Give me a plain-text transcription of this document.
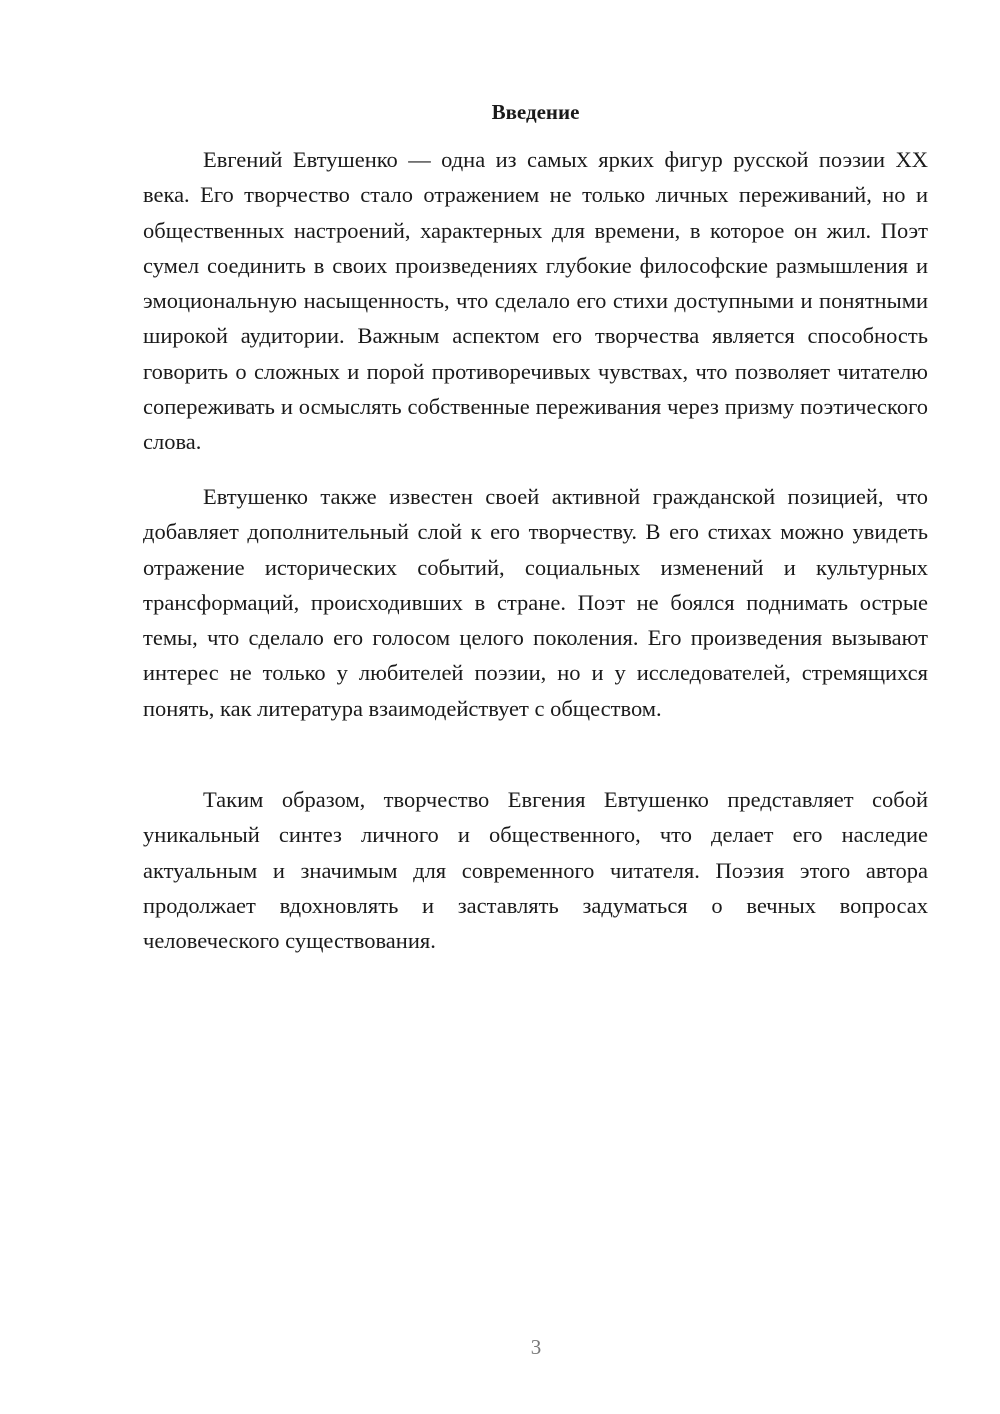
Введение

Евгений Евтушенко — одна из самых ярких фигур русской поэзии XX века. Его творчество стало отражением не только личных переживаний, но и общественных настроений, характерных для времени, в которое он жил. Поэт сумел соединить в своих произведениях глубокие философские размышления и эмоциональную насыщенность, что сделало его стихи доступными и понятными широкой аудитории. Важным аспектом его творчества является способность говорить о сложных и порой противоречивых чувствах, что позволяет читателю сопереживать и осмыслять собственные переживания через призму поэтического слова.

Евтушенко также известен своей активной гражданской позицией, что добавляет дополнительный слой к его творчеству. В его стихах можно увидеть отражение исторических событий, социальных изменений и культурных трансформаций, происходивших в стране. Поэт не боялся поднимать острые темы, что сделало его голосом целого поколения. Его произведения вызывают интерес не только у любителей поэзии, но и у исследователей, стремящихся понять, как литература взаимодействует с обществом.

Таким образом, творчество Евгения Евтушенко представляет собой уникальный синтез личного и общественного, что делает его наследие актуальным и значимым для современного читателя. Поэзия этого автора продолжает вдохновлять и заставлять задуматься о вечных вопросах человеческого существования.

3
